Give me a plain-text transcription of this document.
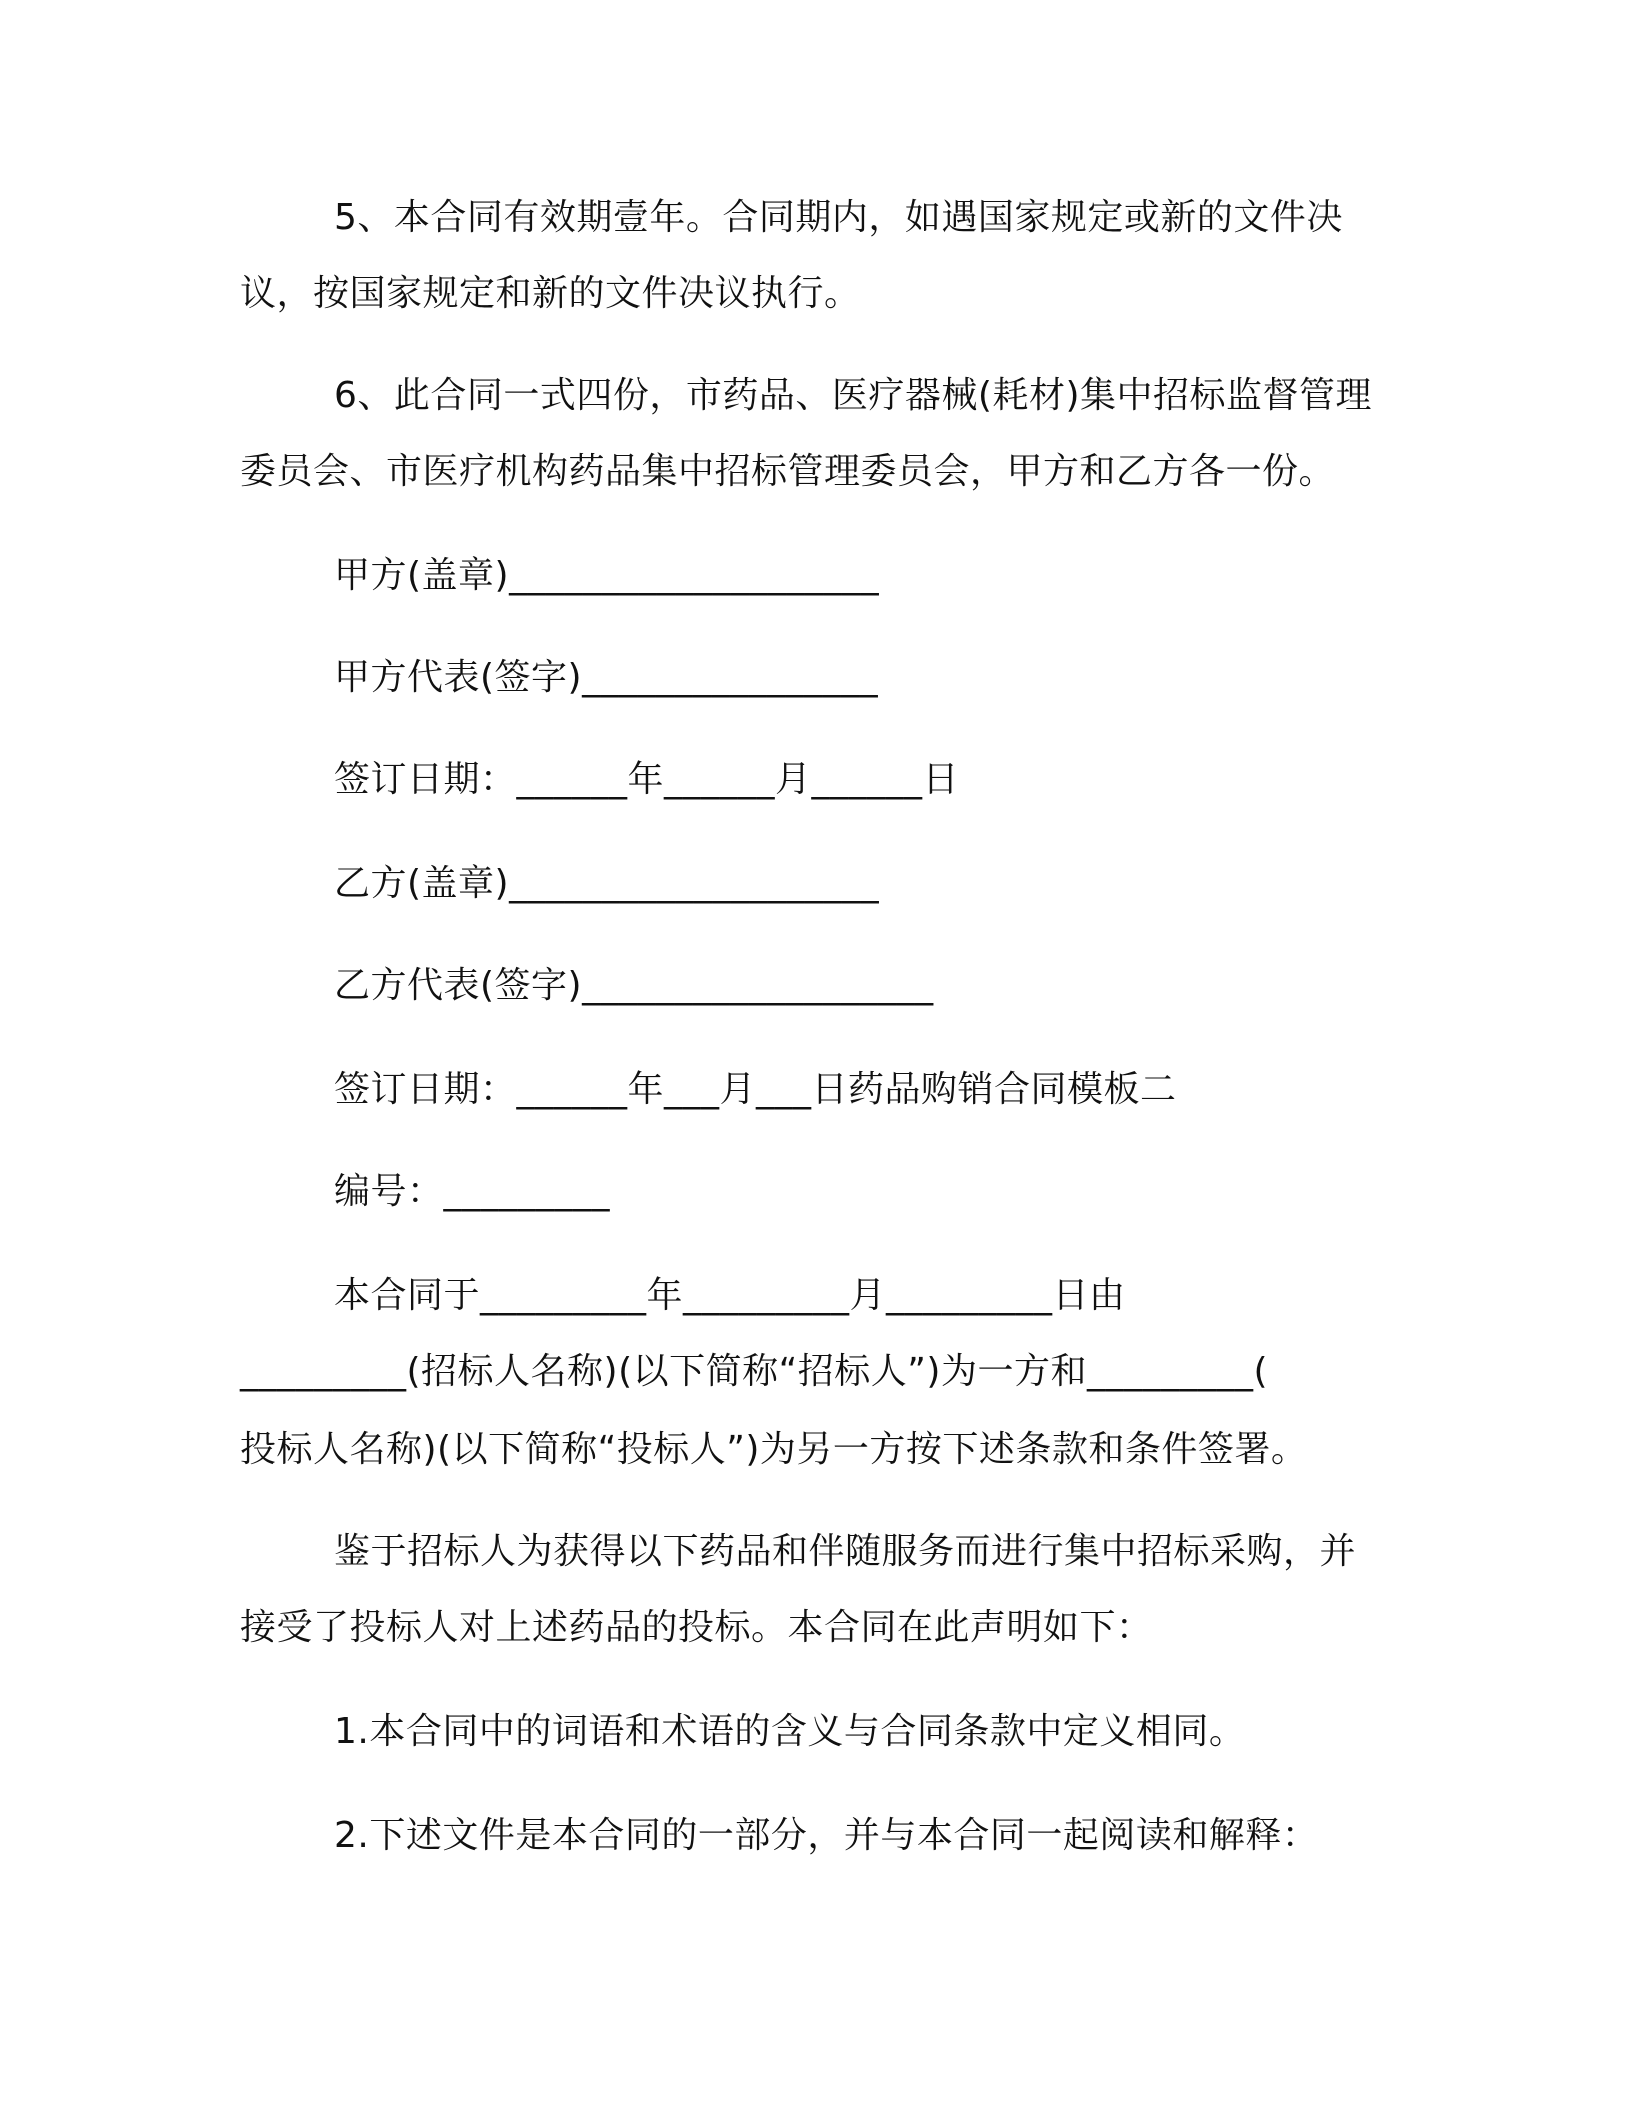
5、本合同有效期壹年。合同期内，如遇国家规定或新的文件决
议，按国家规定和新的文件决议执行。
6、此合同一式四份，市药品、医疗器械(耗材)集中招标监督管理
委员会、市医疗机构药品集中招标管理委员会，甲方和乙方各一份。
甲方(盖章)____________________
甲方代表(签字)________________
签订日期：______年______月______日
乙方(盖章)____________________
乙方代表(签字)___________________
签订日期：______年___月___日药品购销合同模板二
编号：_________
本合同于_________年_________月_________日由
_________(招标人名称)(以下简称“招标人”)为一方和_________(
投标人名称)(以下简称“投标人”)为另一方按下述条款和条件签署。
鉴于招标人为获得以下药品和伴随服务而进行集中招标采购，并
接受了投标人对上述药品的投标。本合同在此声明如下：
1.本合同中的词语和术语的含义与合同条款中定义相同。
2.下述文件是本合同的一部分，并与本合同一起阅读和解释：
